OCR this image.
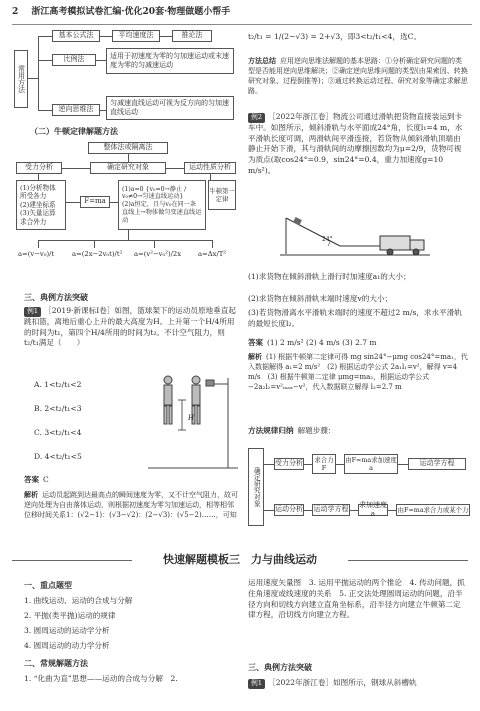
2 浙江高考模拟试卷汇编·优化20套·物理做题小帮手
常用方法
基本公式法	平均速度法	推论法
比例法	适用于初速度为零的匀加速运动或末速度为零的匀减速运动
逆向思维法
匀减速直线运动可视为反方向的匀加速直线运动
（二）牛顿定律解题方法
整体法或隔离法
受力分析	确定研究对象	运动性质分析
(1)分析物体所受各力
(2)建坐标系
(3)矢量运算求合外力
F=ma
(1)a=0 {v₀=0→静止 / v₀≠0→匀速直线运动}
(2)a恒定，且与v₀在同一条直线上→物体做匀变速直线运动
牛顿第一定律
a=(v−v₀)/t	a=(2x−2v₀t)/t² a=(v²−v₀²)/2x a=Δx/T²
三、典例方法突破
例1 ［2019·新课标Ⅰ卷］如图，篮球架下的运动员原地垂直起跳扣篮，离地后重心上升的最大高度为H。上升第一个H/4所用的时间为t₁，第四个H/4所用的时间为t₂。不计空气阻力，则t₂/t₁满足（　　）
A. 1<t₂/t₁<2
B. 2<t₂/t₁<3
C. 3<t₂/t₁<4
D. 4<t₂/t₁<5
H
答案 C
解析 运动员起跳到达最高点的瞬间速度为零，又不计空气阻力，故可逆向处理为自由落体运动，则根据初速度为零匀加速运动，相等相邻位移时间关系1：(√2−1)：(√3−√2)：(2−√3)：(√5−2)……，可知
t₂/t₁ = 1/(2−√3) = 2+√3，即3<t₂/t₁<4，选C。
方法总结 应用逆向思维法解题的基本思路：①分析确定研究问题的类型是否能用逆向思维解决；②确定逆向思维问题的类型(由果索因、转换研究对象、过程倒推等)；③通过转换运动过程、研究对象等确定求解思路。
例2 ［2022年浙江卷］物流公司通过滑轨把货物直接装运到卡车中。如图所示，倾斜滑轨与水平面成24°角，长度l₁=4 m，水平滑轨长度可调，两滑轨间平滑连接，若货物从倾斜滑轨顶端由静止开始下滑，其与滑轨间的动摩擦因数均为μ=2/9，货物可视为质点(取cos24°=0.9，sin24°=0.4，重力加速度g=10 m/s²)。
24°
(1)求货物在倾斜滑轨上滑行时加速度a₁的大小；
(2)求货物在倾斜滑轨末端时速度v的大小；
(3)若货物滑离水平滑轨末端时的速度不超过2 m/s，求水平滑轨的最短长度l₂。
答案 (1) 2 m/s² (2) 4 m/s (3) 2.7 m
解析 (1) 根据牛顿第二定律可得 mg sin24°−μmg cos24°=ma₁，代入数据解得 a₁=2 m/s²　(2) 根据运动学公式 2a₁l₁=v²，解得 v=4 m/s　(3) 根据牛顿第二定律 μmg=ma₂，根据运动学公式 −2a₂l₂=v²ₘₐₓ−v²，代入数据联立解得 l₂=2.7 m
方法规律归纳 解题步骤：
确定研究对象
受力分析 求合力F
由F=ma求加速度a
运动学方程
运动分析 运动学方程
求加速度a
由F=ma求合力或某个力
快速解题模板三　力与曲线运动
一、重点题型
1. 曲线运动、运动的合成与分解
2. 平抛(类平抛)运动的规律
3. 圆周运动的运动学分析
4. 圆周运动的动力学分析
二、常规解题方法
1. “化曲为直”思想——运动的合成与分解　2.
运用速度矢量图　3. 运用平抛运动的两个推论　4. 传动问题，抓住角速度或线速度的关系　5. 正交法处理圆周运动的问题，沿半径方向和切线方向建立直角坐标系，沿半径方向建立牛顿第二定律方程，沿切线方向建立方程。
三、典例方法突破
例1 ［2022年浙江卷］如图所示，钢球从斜槽轨
